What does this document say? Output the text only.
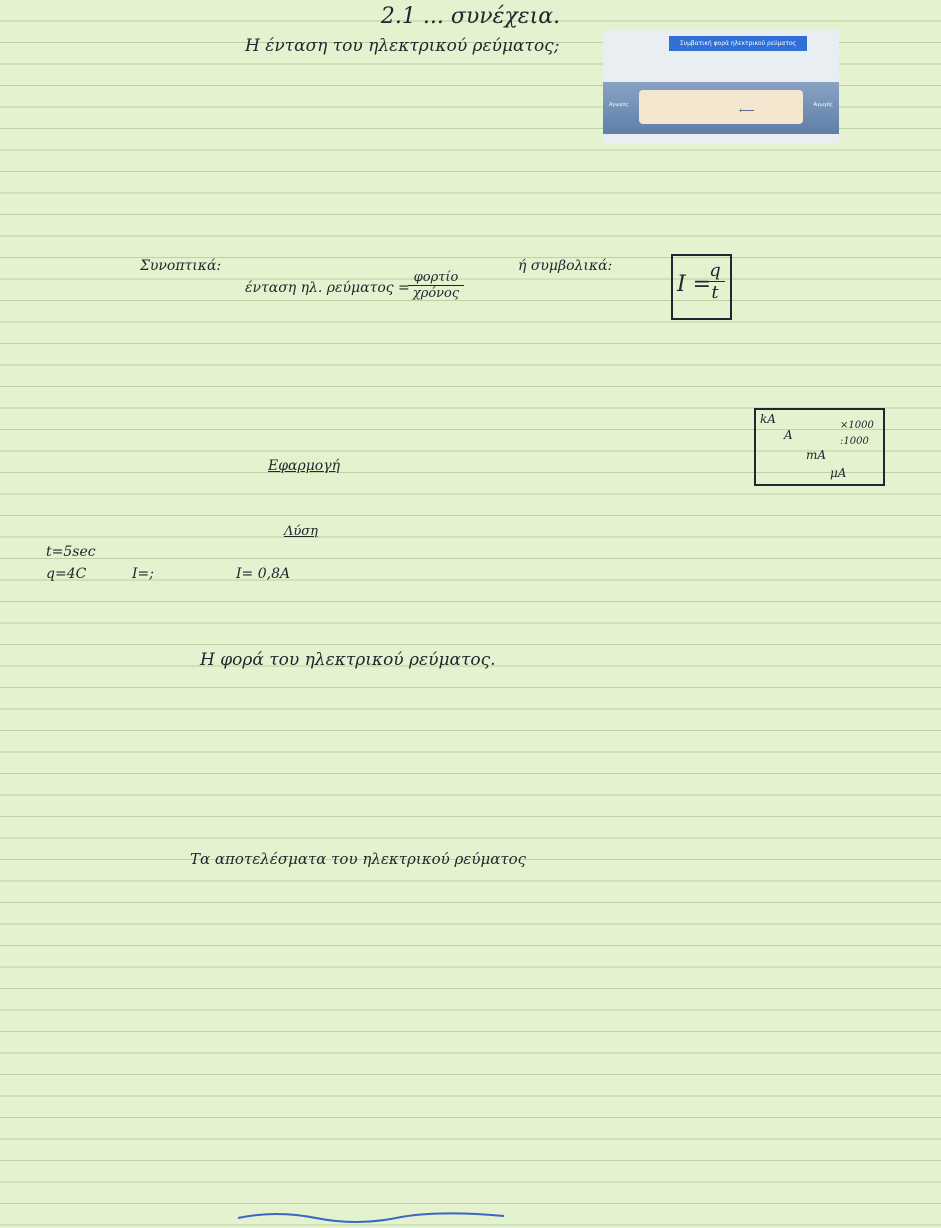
2.1 ... συνέχεια.
Η ένταση του ηλεκτρικού ρεύματος;	Συμβατική φορά ηλεκτρικού ρεύματος
⟵
Αγωγός	Αγωγός
Συνοπτικά:	ή συμβολικά:
ένταση ηλ. ρεύματος =
φορτίο
χρόνος	I =
$\frac{q}{t}$
kA
A
mA
μA
×1000
:1000
Εφαρμογή
Λύση
t=5sec
q=4C	I=;	I= 0,8A
Η φορά του ηλεκτρικού ρεύματος.
Τα αποτελέσματα του ηλεκτρικού ρεύματος
